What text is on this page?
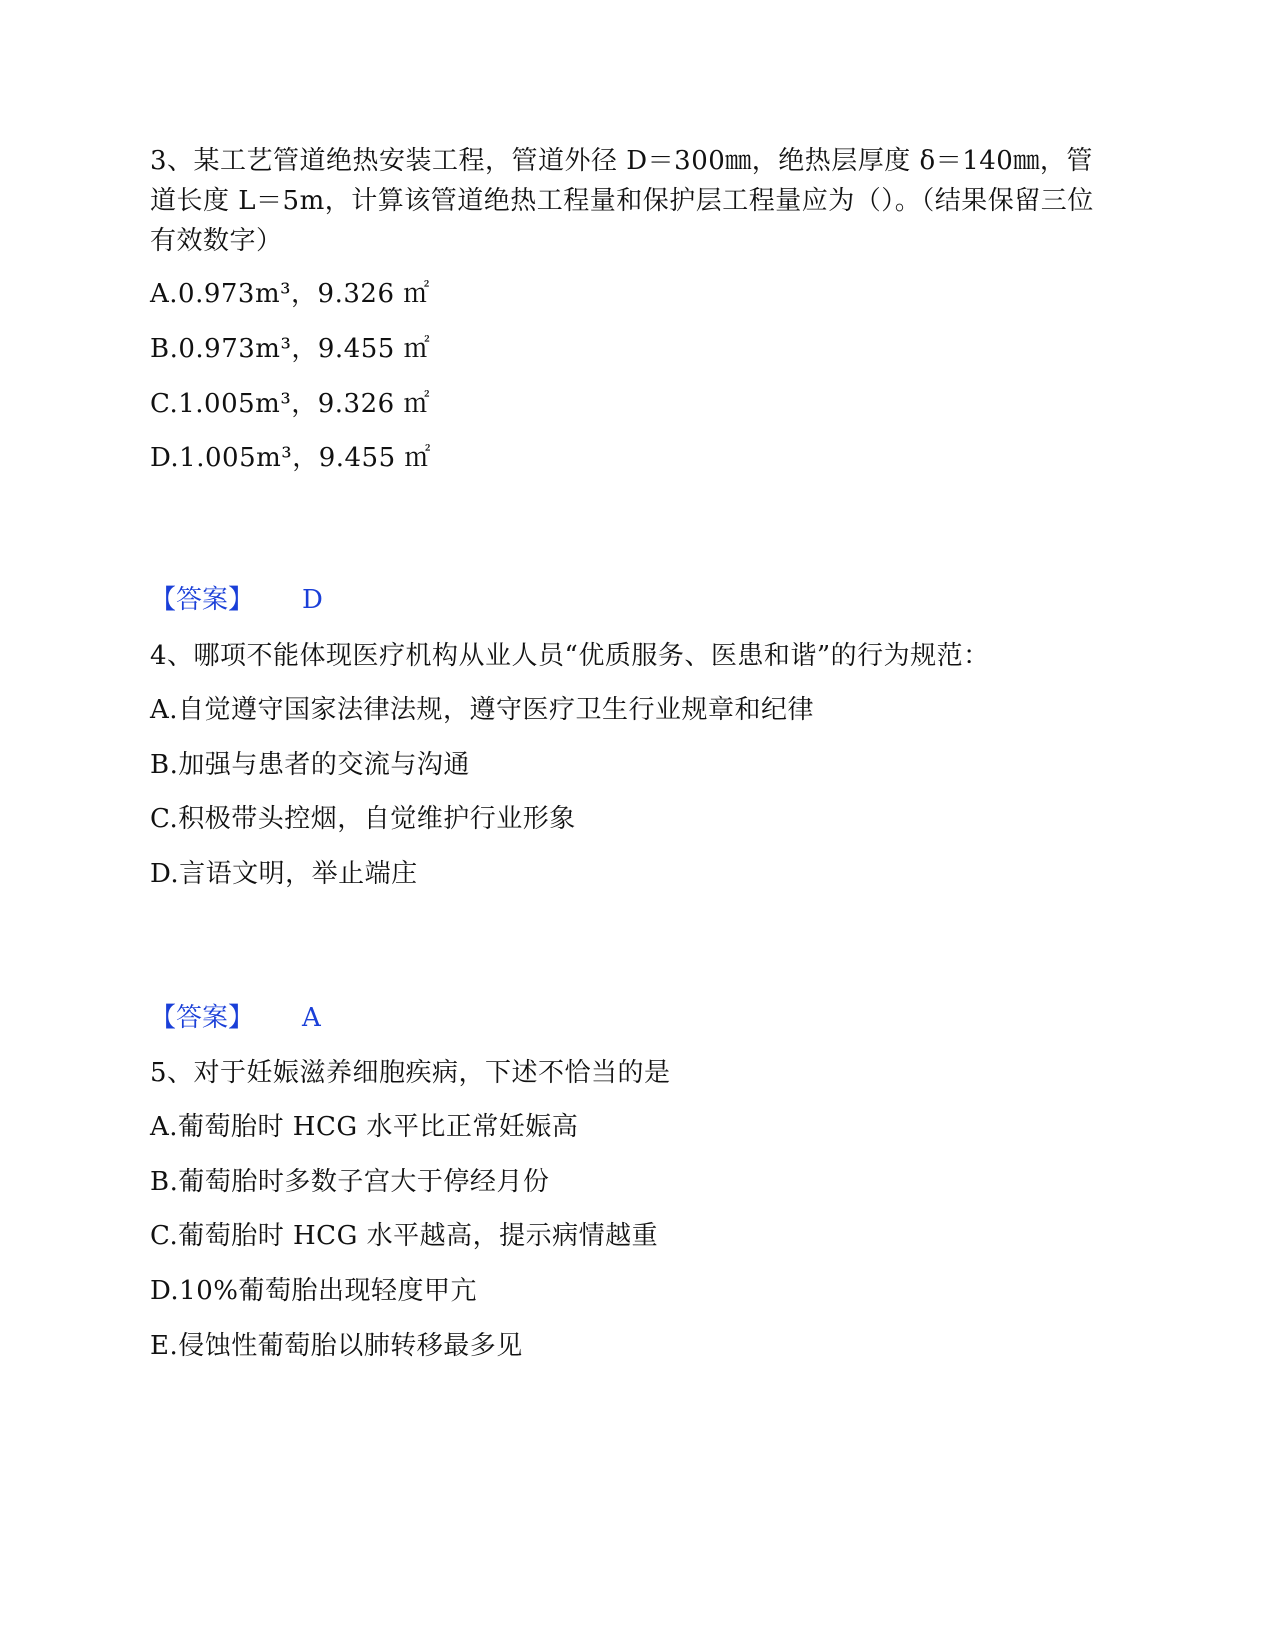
3、某工艺管道绝热安装工程，管道外径 D＝300㎜，绝热层厚度 δ＝140㎜，管道长度 L＝5m，计算该管道绝热工程量和保护层工程量应为（）。（结果保留三位有效数字）
A.0.973m³，9.326 ㎡
B.0.973m³，9.455 ㎡
C.1.005m³，9.326 ㎡
D.1.005m³，9.455 ㎡
【答案】 D
4、哪项不能体现医疗机构从业人员“优质服务、医患和谐”的行为规范：
A.自觉遵守国家法律法规，遵守医疗卫生行业规章和纪律
B.加强与患者的交流与沟通
C.积极带头控烟，自觉维护行业形象
D.言语文明，举止端庄
【答案】 A
5、对于妊娠滋养细胞疾病，下述不恰当的是
A.葡萄胎时 HCG 水平比正常妊娠高
B.葡萄胎时多数子宫大于停经月份
C.葡萄胎时 HCG 水平越高，提示病情越重
D.10%葡萄胎出现轻度甲亢
E.侵蚀性葡萄胎以肺转移最多见
